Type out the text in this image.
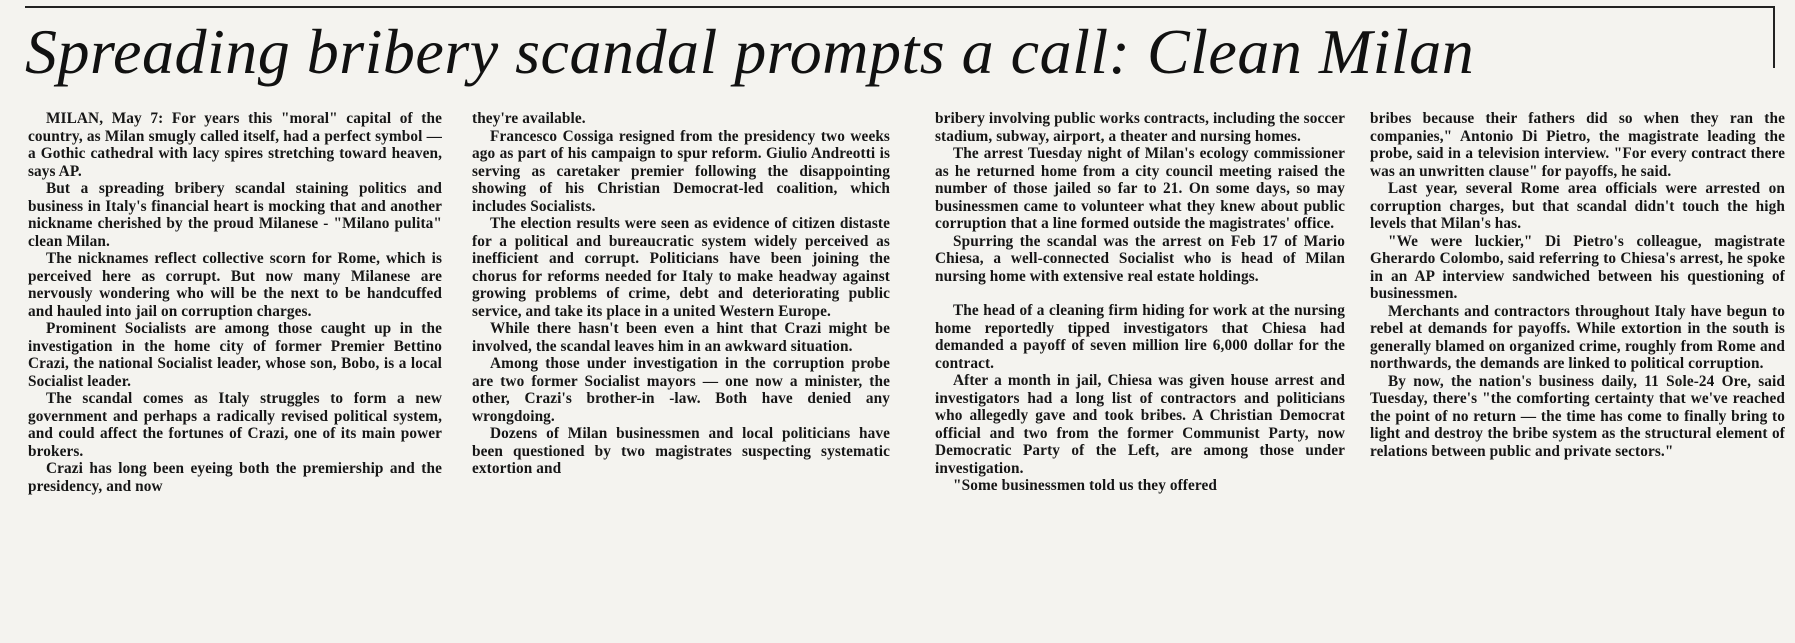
Spreading bribery scandal prompts a call: Clean Milan

MILAN, May 7: For years this "moral" capital of the country, as Milan smugly called itself, had a perfect symbol — a Gothic cathedral with lacy spires stretching toward heaven, says AP.

But a spreading bribery scandal staining politics and business in Italy's financial heart is mocking that and another nickname cherished by the proud Milanese - "Milano pulita" clean Milan.

The nicknames reflect collective scorn for Rome, which is perceived here as corrupt. But now many Milanese are nervously wondering who will be the next to be handcuffed and hauled into jail on corruption charges.

Prominent Socialists are among those caught up in the investigation in the home city of former Premier Bettino Crazi, the national Socialist leader, whose son, Bobo, is a local Socialist leader.

The scandal comes as Italy struggles to form a new government and perhaps a radically revised political system, and could affect the fortunes of Crazi, one of its main power brokers.

Crazi has long been eyeing both the premiership and the presidency, and now

they're available.

Francesco Cossiga resigned from the presidency two weeks ago as part of his campaign to spur reform. Giulio Andreotti is serving as caretaker premier following the disappointing showing of his Christian Democrat-led coalition, which includes Socialists.

The election results were seen as evidence of citizen distaste for a political and bureaucratic system widely perceived as inefficient and corrupt. Politicians have been joining the chorus for reforms needed for Italy to make headway against growing problems of crime, debt and deteriorating public service, and take its place in a united Western Europe.

While there hasn't been even a hint that Crazi might be involved, the scandal leaves him in an awkward situation.

Among those under investigation in the corruption probe are two former Socialist mayors — one now a minister, the other, Crazi's brother-in -law. Both have denied any wrongdoing.

Dozens of Milan businessmen and local politicians have been questioned by two magistrates suspecting systematic extortion and

bribery involving public works contracts, including the soccer stadium, subway, airport, a theater and nursing homes.

The arrest Tuesday night of Milan's ecology commissioner as he returned home from a city council meeting raised the number of those jailed so far to 21. On some days, so may businessmen came to volunteer what they knew about public corruption that a line formed outside the magistrates' office.

Spurring the scandal was the arrest on Feb 17 of Mario Chiesa, a well-connected Socialist who is head of Milan nursing home with extensive real estate holdings.

The head of a cleaning firm hiding for work at the nursing home reportedly tipped investigators that Chiesa had demanded a payoff of seven million lire 6,000 dollar for the contract.

After a month in jail, Chiesa was given house arrest and investigators had a long list of contractors and politicians who allegedly gave and took bribes. A Christian Democrat official and two from the former Communist Party, now Democratic Party of the Left, are among those under investigation.

"Some businessmen told us they offered

bribes because their fathers did so when they ran the companies," Antonio Di Pietro, the magistrate leading the probe, said in a television interview. "For every contract there was an unwritten clause" for payoffs, he said.

Last year, several Rome area officials were arrested on corruption charges, but that scandal didn't touch the high levels that Milan's has.

"We were luckier," Di Pietro's colleague, magistrate Gherardo Colombo, said referring to Chiesa's arrest, he spoke in an AP interview sandwiched between his questioning of businessmen.

Merchants and contractors throughout Italy have begun to rebel at demands for payoffs. While extortion in the south is generally blamed on organized crime, roughly from Rome and northwards, the demands are linked to political corruption.

By now, the nation's business daily, 11 Sole-24 Ore, said Tuesday, there's "the comforting certainty that we've reached the point of no return — the time has come to finally bring to light and destroy the bribe system as the structural element of relations between public and private sectors."
